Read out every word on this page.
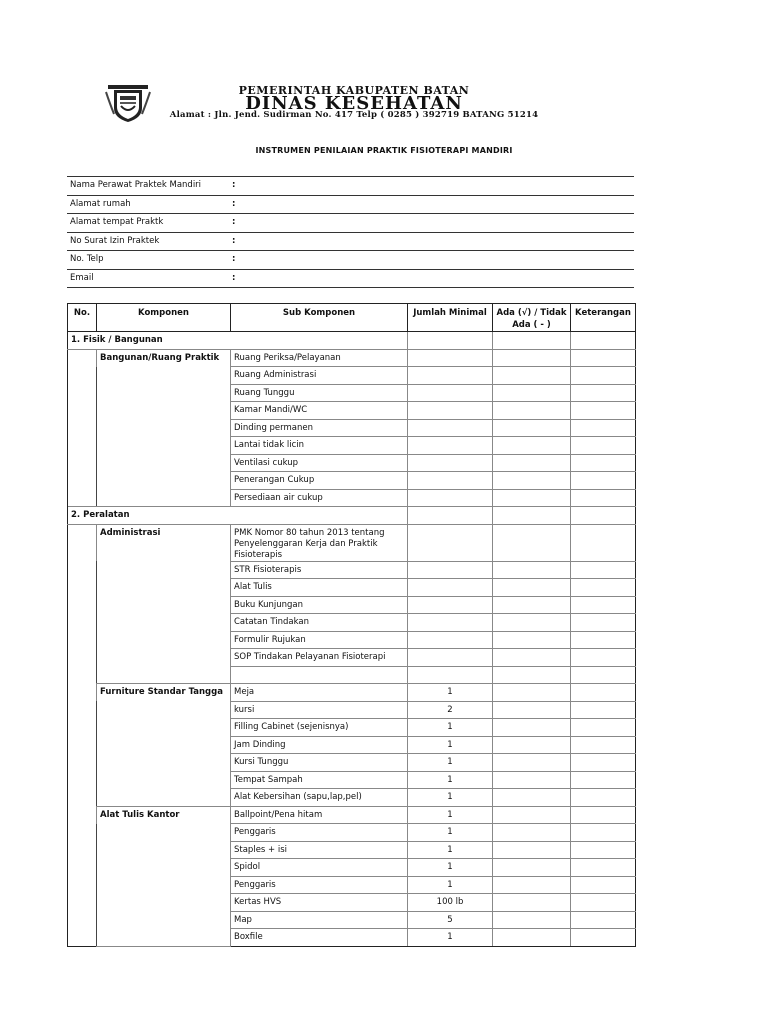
PEMERINTAH KABUPATEN BATAN
DINAS KESEHATAN
Alamat : Jln. Jend. Sudirman No. 417 Telp ( 0285 ) 392719 BATANG 51214
INSTRUMEN PENILAIAN PRAKTIK FISIOTERAPI MANDIRI
Nama Perawat Praktek Mandiri	:
Alamat rumah	:
Alamat tempat Praktk	:
No Surat Izin Praktek	:
No. Telp	:
Email	:
No.	Komponen	Sub Komponen	Jumlah Minimal	Ada (√) / Tidak Ada ( - )	Keterangan
1. Fisik / Bangunan					
	Bangunan/Ruang Praktik	Ruang Periksa/Pelayanan			
		Ruang Administrasi			
		Ruang Tunggu			
		Kamar Mandi/WC			
		Dinding permanen			
		Lantai tidak licin			
		Ventilasi cukup			
		Penerangan Cukup			
		Persediaan air cukup			
2. Peralatan					
	Administrasi	PMK Nomor 80 tahun 2013 tentang Penyelenggaran Kerja dan Praktik Fisioterapis			
		STR Fisioterapis			
		Alat Tulis			
		Buku Kunjungan			
		Catatan Tindakan			
		Formulir Rujukan			
		SOP Tindakan Pelayanan Fisioterapi			

	Furniture Standar Tangga	Meja	1		
		kursi	2		
		Filling Cabinet (sejenisnya)	1		
		Jam Dinding	1		
		Kursi Tunggu	1		
		Tempat Sampah	1		
		Alat Kebersihan (sapu,lap,pel)	1		
	Alat Tulis Kantor	Ballpoint/Pena hitam	1		
		Penggaris	1		
		Staples + isi	1		
		Spidol	1		
		Penggaris	1		
		Kertas HVS	100 lb		
		Map	5		
		Boxfile	1		
